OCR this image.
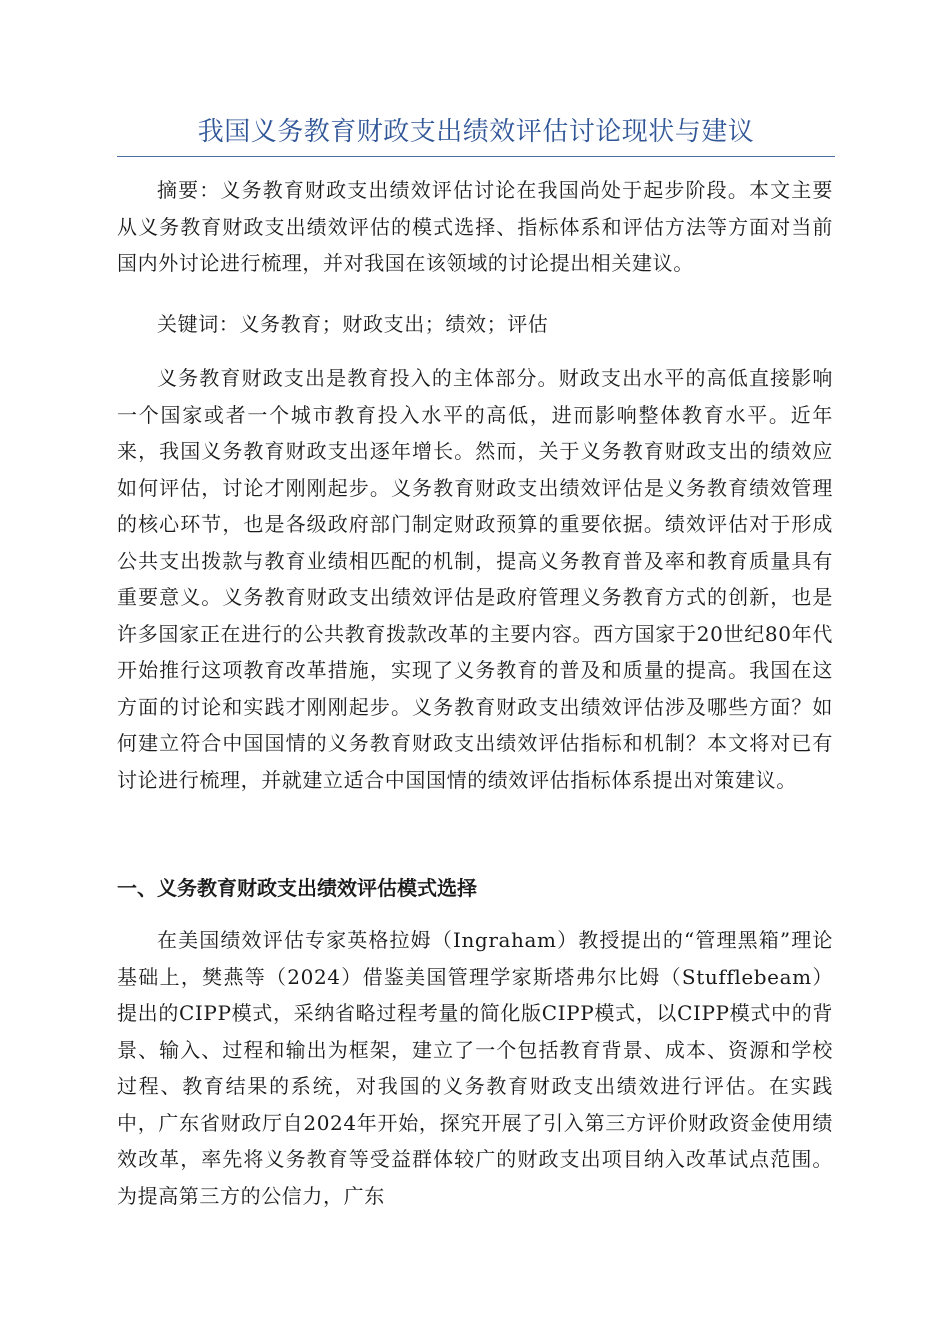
我国义务教育财政支出绩效评估讨论现状与建议

摘要：义务教育财政支出绩效评估讨论在我国尚处于起步阶段。本文主要从义务教育财政支出绩效评估的模式选择、指标体系和评估方法等方面对当前国内外讨论进行梳理，并对我国在该领域的讨论提出相关建议。

关键词：义务教育；财政支出；绩效；评估

义务教育财政支出是教育投入的主体部分。财政支出水平的高低直接影响一个国家或者一个城市教育投入水平的高低，进而影响整体教育水平。近年来，我国义务教育财政支出逐年增长。然而，关于义务教育财政支出的绩效应如何评估，讨论才刚刚起步。义务教育财政支出绩效评估是义务教育绩效管理的核心环节，也是各级政府部门制定财政预算的重要依据。绩效评估对于形成公共支出拨款与教育业绩相匹配的机制，提高义务教育普及率和教育质量具有重要意义。义务教育财政支出绩效评估是政府管理义务教育方式的创新，也是许多国家正在进行的公共教育拨款改革的主要内容。西方国家于20世纪80年代开始推行这项教育改革措施，实现了义务教育的普及和质量的提高。我国在这方面的讨论和实践才刚刚起步。义务教育财政支出绩效评估涉及哪些方面？如何建立符合中国国情的义务教育财政支出绩效评估指标和机制？本文将对已有讨论进行梳理，并就建立适合中国国情的绩效评估指标体系提出对策建议。

一、义务教育财政支出绩效评估模式选择

在美国绩效评估专家英格拉姆（Ingraham）教授提出的“管理黑箱”理论基础上，樊燕等（2024）借鉴美国管理学家斯塔弗尔比姆（Stufflebeam）提出的CIPP模式，采纳省略过程考量的简化版CIPP模式，以CIPP模式中的背景、输入、过程和输出为框架，建立了一个包括教育背景、成本、资源和学校过程、教育结果的系统，对我国的义务教育财政支出绩效进行评估。在实践中，广东省财政厅自2024年开始，探究开展了引入第三方评价财政资金使用绩效改革，率先将义务教育等受益群体较广的财政支出项目纳入改革试点范围。为提高第三方的公信力，广东
